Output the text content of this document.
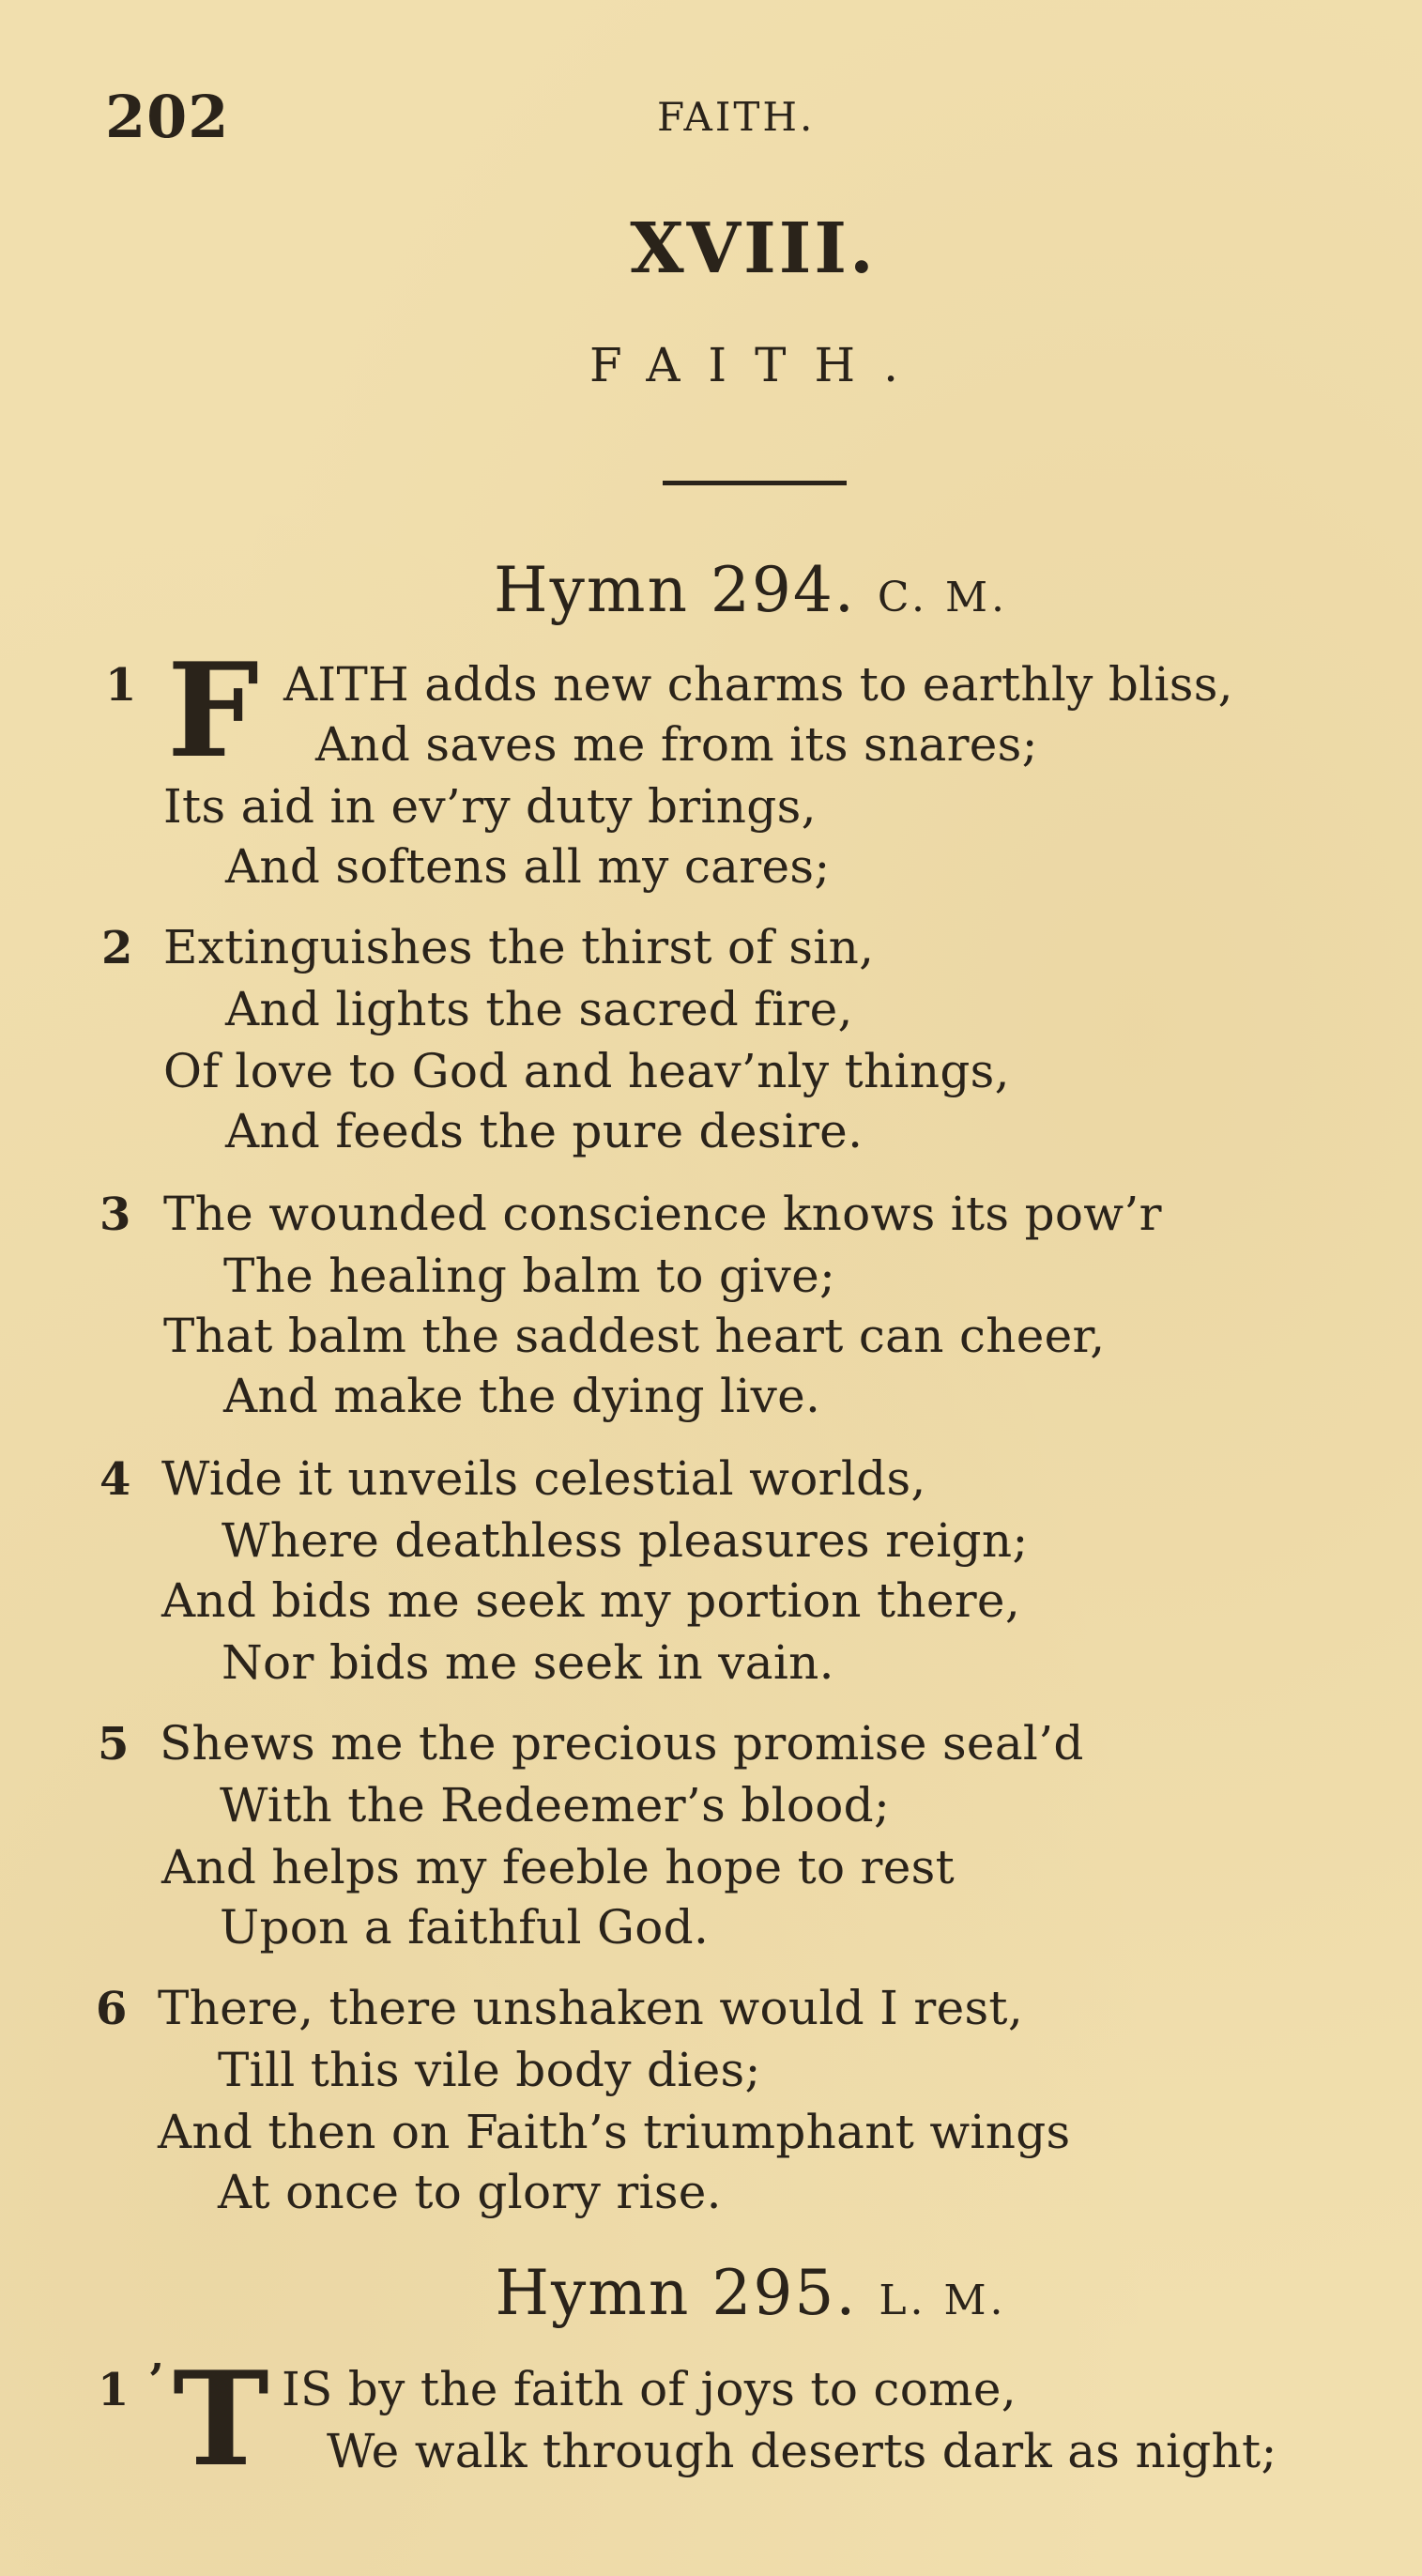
202	FAITH.
XVIII.
FAITH.
Hymn 294. C. M.
1 F AITH adds new charms to earthly bliss,
And saves me from its snares;
Its aid in ev’ry duty brings,
And softens all my cares;
2 Extinguishes the thirst of sin,
And lights the sacred fire,
Of love to God and heav’nly things,
And feeds the pure desire.
3 The wounded conscience knows its pow’r
The healing balm to give;
That balm the saddest heart can cheer,
And make the dying live.
4 Wide it unveils celestial worlds,
Where deathless pleasures reign;
And bids me seek my portion there,
Nor bids me seek in vain.
5 Shews me the precious promise seal’d
With the Redeemer’s blood;
And helps my feeble hope to rest
Upon a faithful God.
6 There, there unshaken would I rest,
Till this vile body dies;
And then on Faith’s triumphant wings
At once to glory rise.
Hymn 295. L. M.
1 ’ T IS by the faith of joys to come,
We walk through deserts dark as night;
